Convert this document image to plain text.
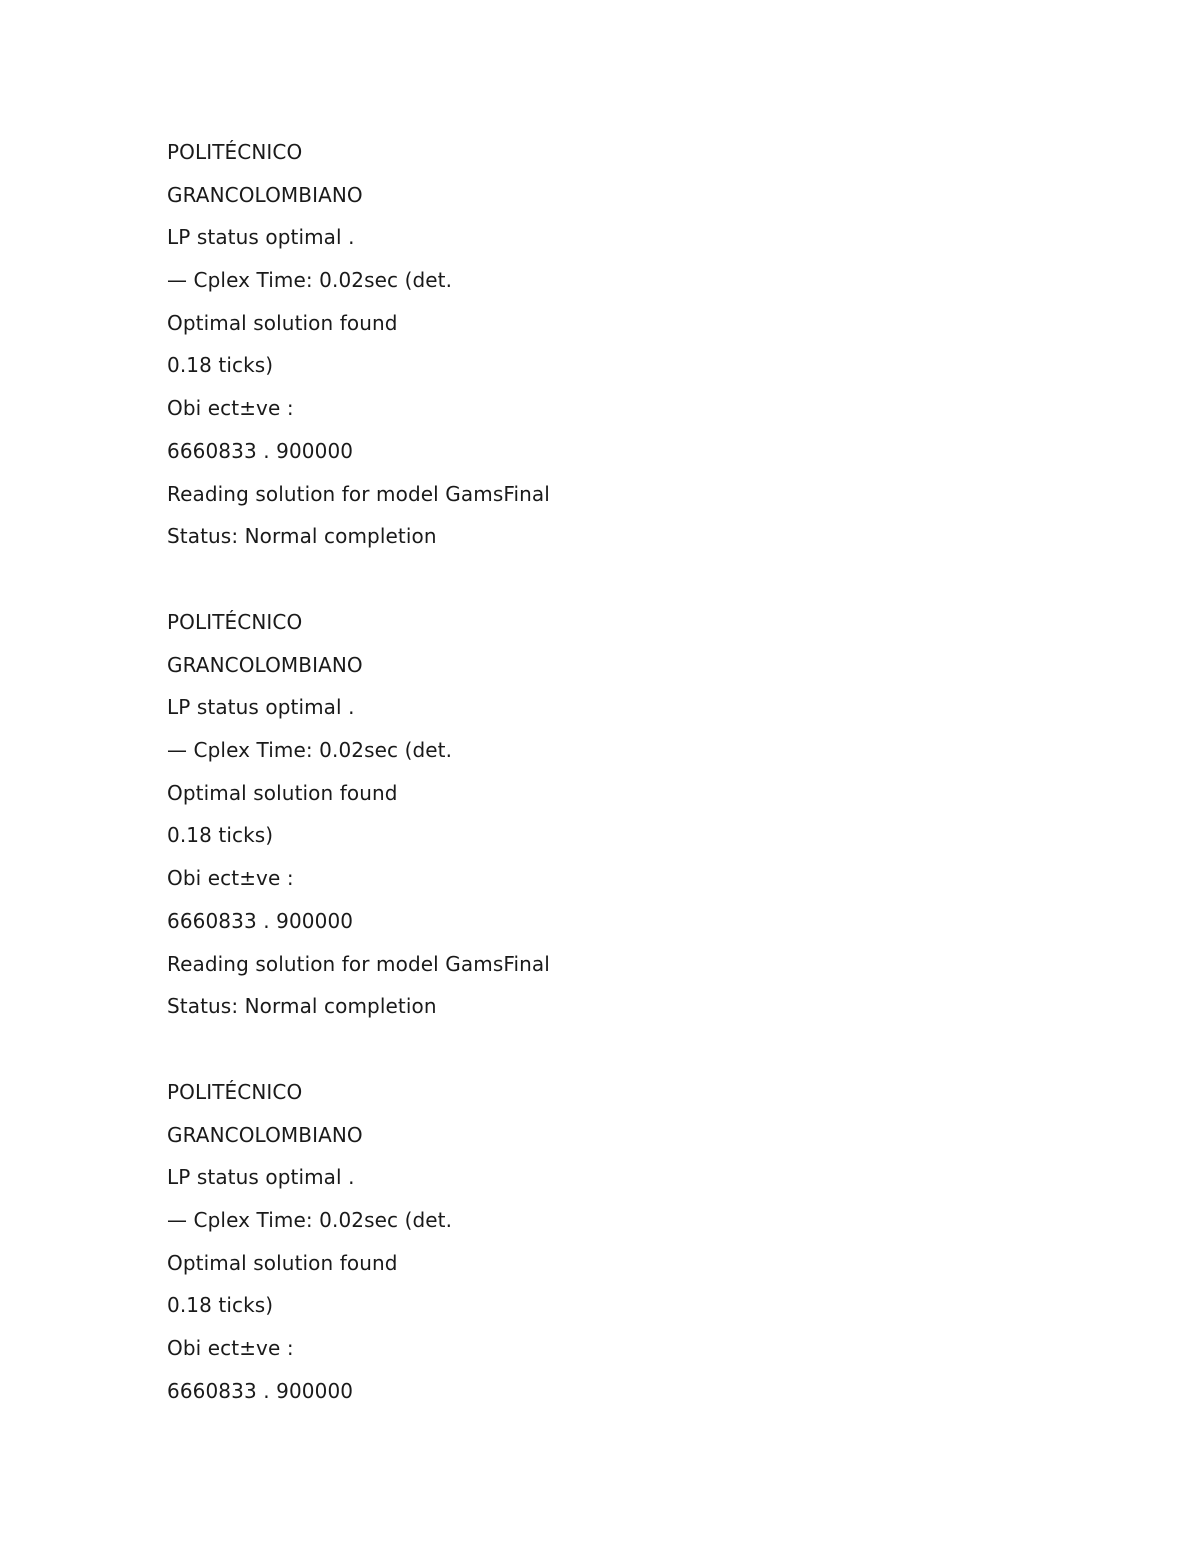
POLITÉCNICO
GRANCOLOMBIANO
LP status optimal .
— Cplex Time: 0.02sec (det.
Optimal solution found
0.18 ticks)
Obi ect±ve :
6660833 . 900000
Reading solution for model GamsFinal
Status: Normal completion
POLITÉCNICO
GRANCOLOMBIANO
LP status optimal .
— Cplex Time: 0.02sec (det.
Optimal solution found
0.18 ticks)
Obi ect±ve :
6660833 . 900000
Reading solution for model GamsFinal
Status: Normal completion
POLITÉCNICO
GRANCOLOMBIANO
LP status optimal .
— Cplex Time: 0.02sec (det.
Optimal solution found
0.18 ticks)
Obi ect±ve :
6660833 . 900000
